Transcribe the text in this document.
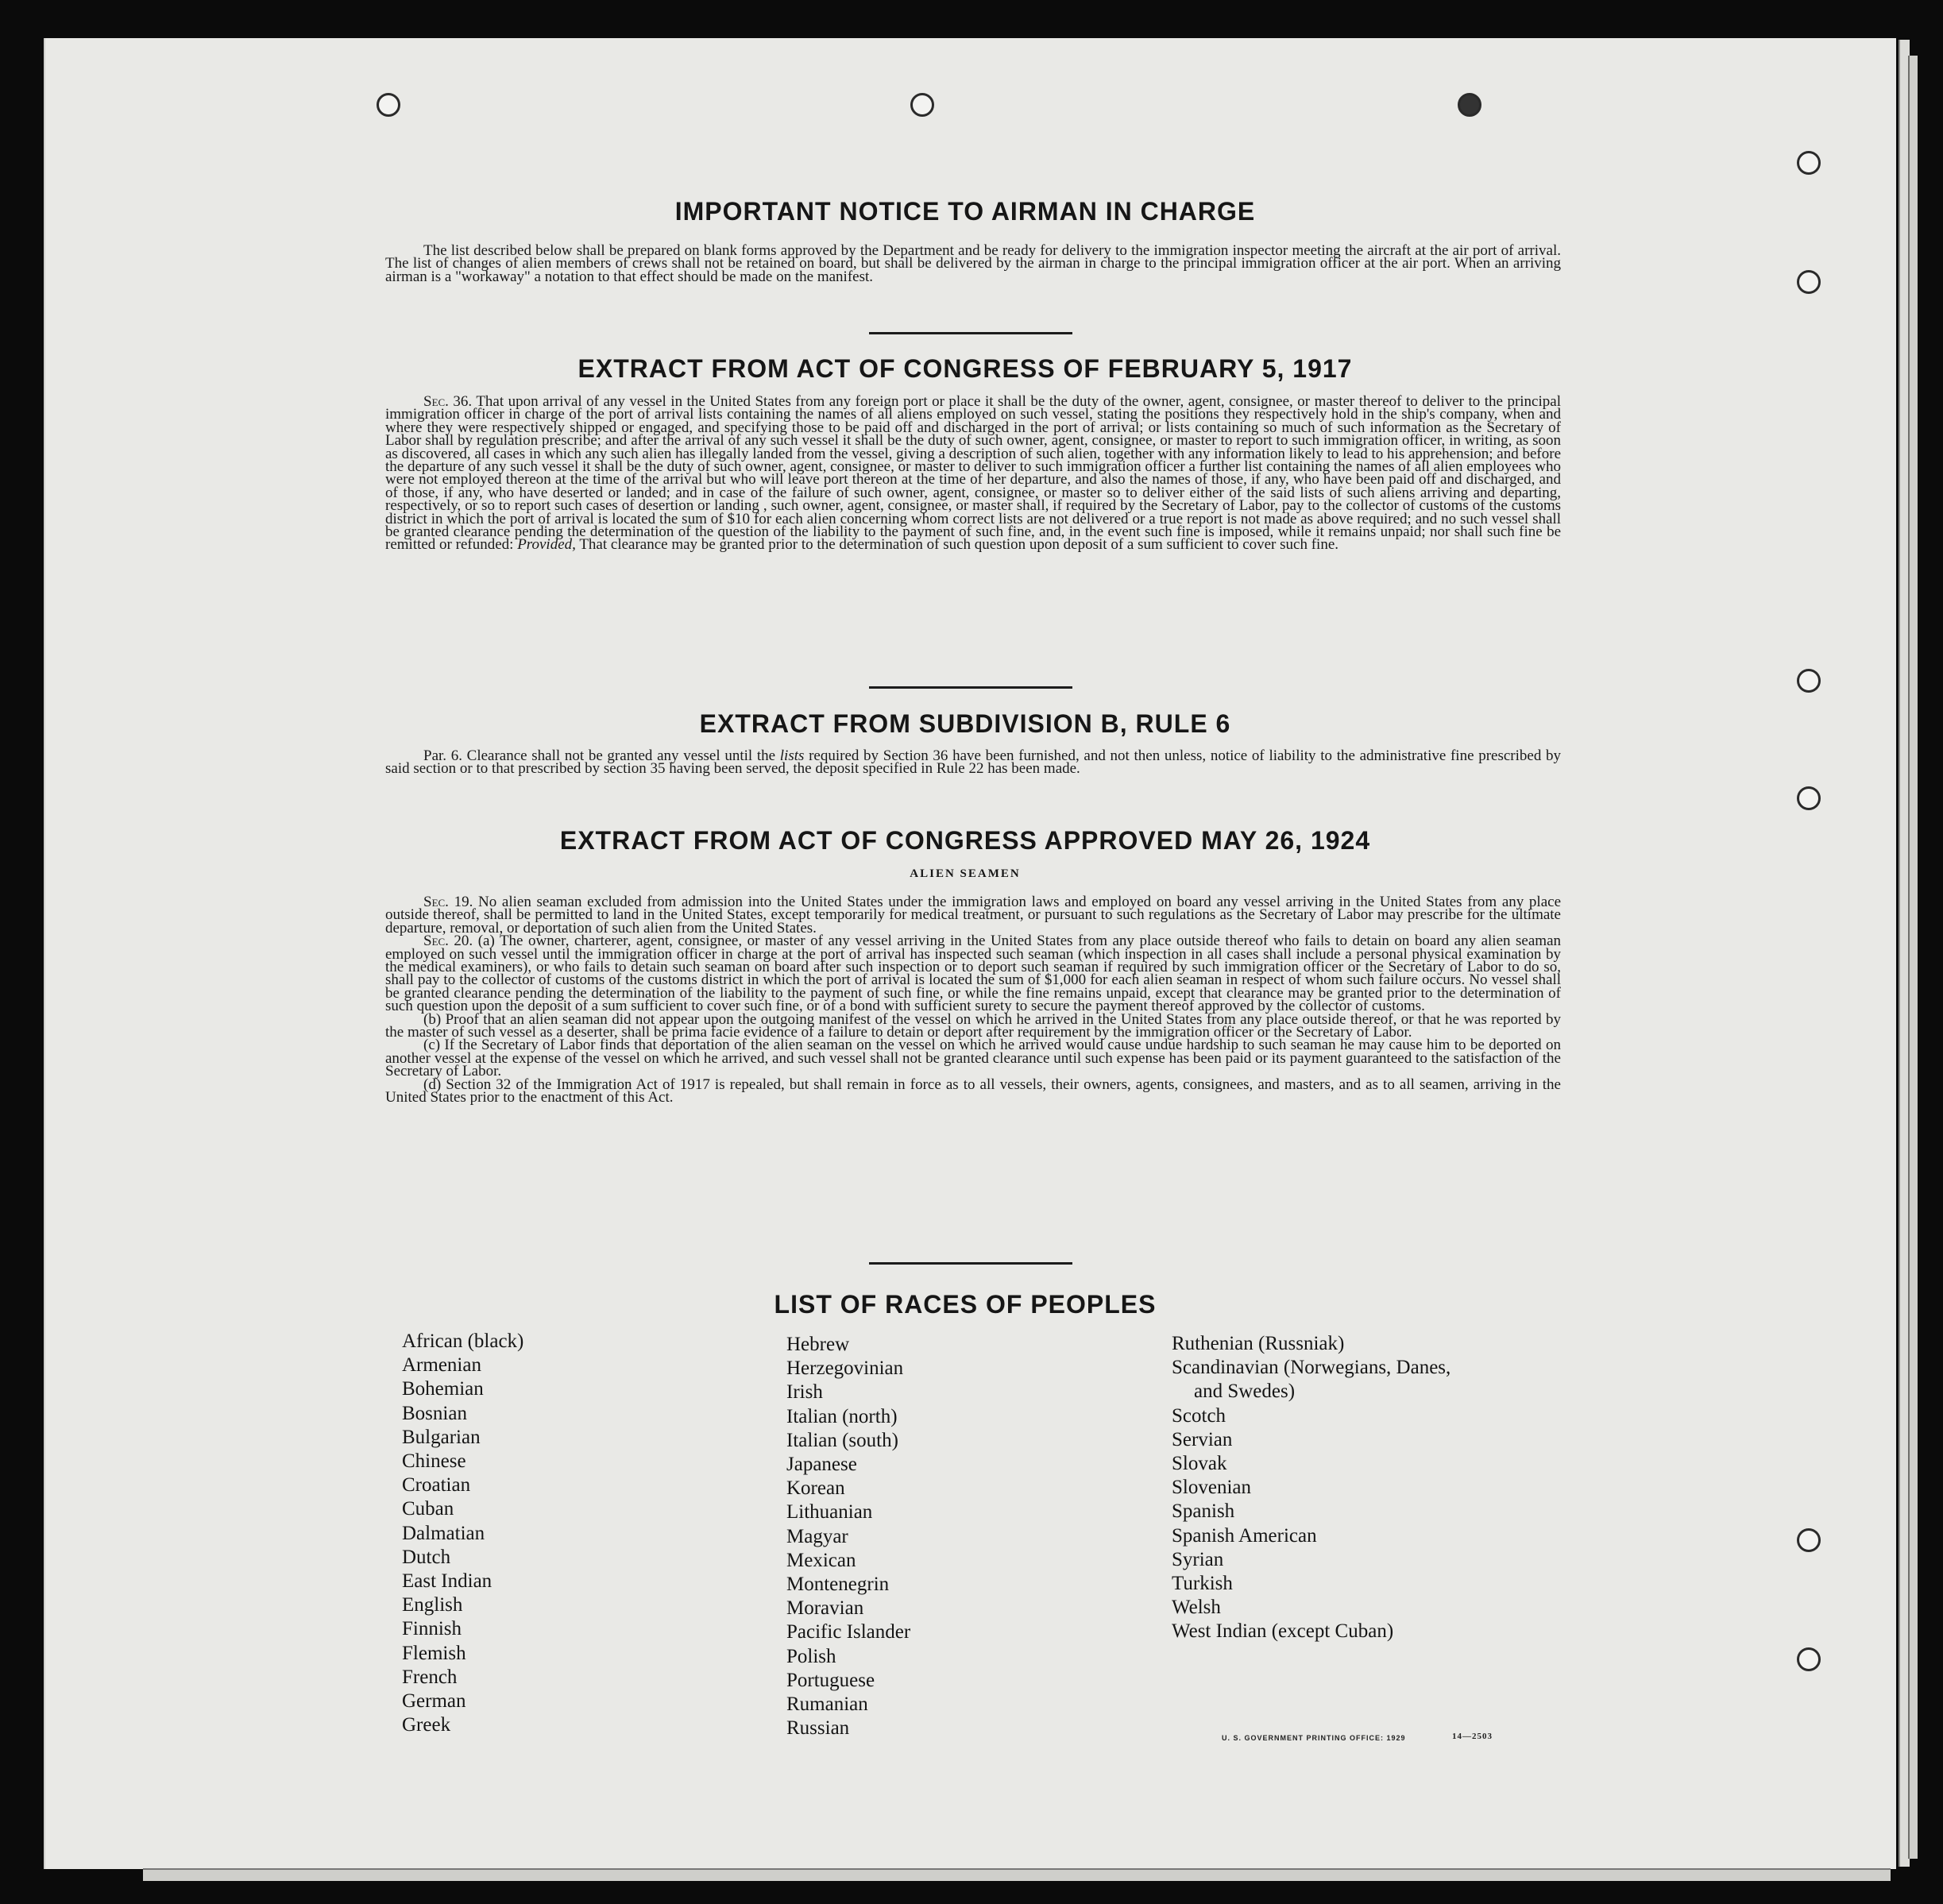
IMPORTANT NOTICE TO AIRMAN IN CHARGE

The list described below shall be prepared on blank forms approved by the Department and be ready for delivery to the immigration inspector meeting the aircraft at the air port of arrival. The list of changes of alien members of crews shall not be retained on board, but shall be delivered by the airman in charge to the principal immigration officer at the air port. When an arriving airman is a "workaway" a notation to that effect should be made on the manifest.

EXTRACT FROM ACT OF CONGRESS OF FEBRUARY 5, 1917

Sec. 36. That upon arrival of any vessel in the United States from any foreign port or place it shall be the duty of the owner, agent, consignee, or master thereof to deliver to the principal immigration officer in charge of the port of arrival lists containing the names of all aliens employed on such vessel, stating the positions they respectively hold in the ship's company, when and where they were respectively shipped or engaged, and specifying those to be paid off and discharged in the port of arrival; or lists containing so much of such information as the Secretary of Labor shall by regulation prescribe; and after the arrival of any such vessel it shall be the duty of such owner, agent, consignee, or master to report to such immigration officer, in writing, as soon as discovered, all cases in which any such alien has illegally landed from the vessel, giving a description of such alien, together with any information likely to lead to his apprehension; and before the departure of any such vessel it shall be the duty of such owner, agent, consignee, or master to deliver to such immigration officer a further list containing the names of all alien employees who were not employed thereon at the time of the arrival but who will leave port thereon at the time of her departure, and also the names of those, if any, who have been paid off and discharged, and of those, if any, who have deserted or landed; and in case of the failure of such owner, agent, consignee, or master so to deliver either of the said lists of such aliens arriving and departing, respectively, or so to report such cases of desertion or landing , such owner, agent, consignee, or master shall, if required by the Secretary of Labor, pay to the collector of customs of the customs district in which the port of arrival is located the sum of $10 for each alien concerning whom correct lists are not delivered or a true report is not made as above required; and no such vessel shall be granted clearance pending the determination of the question of the liability to the payment of such fine, and, in the event such fine is imposed, while it remains unpaid; nor shall such fine be remitted or refunded: Provided, That clearance may be granted prior to the determination of such question upon deposit of a sum sufficient to cover such fine.

EXTRACT FROM SUBDIVISION B, RULE 6

Par. 6. Clearance shall not be granted any vessel until the lists required by Section 36 have been furnished, and not then unless, notice of liability to the administrative fine prescribed by said section or to that prescribed by section 35 having been served, the deposit specified in Rule 22 has been made.

EXTRACT FROM ACT OF CONGRESS APPROVED MAY 26, 1924
ALIEN SEAMEN

Sec. 19. No alien seaman excluded from admission into the United States under the immigration laws and employed on board any vessel arriving in the United States from any place outside thereof, shall be permitted to land in the United States, except temporarily for medical treatment, or pursuant to such regulations as the Secretary of Labor may prescribe for the ultimate departure, removal, or deportation of such alien from the United States.

Sec. 20. (a) The owner, charterer, agent, consignee, or master of any vessel arriving in the United States from any place outside thereof who fails to detain on board any alien seaman employed on such vessel until the immigration officer in charge at the port of arrival has inspected such seaman (which inspection in all cases shall include a personal physical examination by the medical examiners), or who fails to detain such seaman on board after such inspection or to deport such seaman if required by such immigration officer or the Secretary of Labor to do so, shall pay to the collector of customs of the customs district in which the port of arrival is located the sum of $1,000 for each alien seaman in respect of whom such failure occurs. No vessel shall be granted clearance pending the determination of the liability to the payment of such fine, or while the fine remains unpaid, except that clearance may be granted prior to the determination of such question upon the deposit of a sum sufficient to cover such fine, or of a bond with sufficient surety to secure the payment thereof approved by the collector of customs.

(b) Proof that an alien seaman did not appear upon the outgoing manifest of the vessel on which he arrived in the United States from any place outside thereof, or that he was reported by the master of such vessel as a deserter, shall be prima facie evidence of a failure to detain or deport after requirement by the immigration officer or the Secretary of Labor.

(c) If the Secretary of Labor finds that deportation of the alien seaman on the vessel on which he arrived would cause undue hardship to such seaman he may cause him to be deported on another vessel at the expense of the vessel on which he arrived, and such vessel shall not be granted clearance until such expense has been paid or its payment guaranteed to the satisfaction of the Secretary of Labor.

(d) Section 32 of the Immigration Act of 1917 is repealed, but shall remain in force as to all vessels, their owners, agents, consignees, and masters, and as to all seamen, arriving in the United States prior to the enactment of this Act.

LIST OF RACES OF PEOPLES
African (black)
Armenian
Bohemian
Bosnian
Bulgarian
Chinese
Croatian
Cuban
Dalmatian
Dutch
East Indian
English
Finnish
Flemish
French
German
Greek
Hebrew
Herzegovinian
Irish
Italian (north)
Italian (south)
Japanese
Korean
Lithuanian
Magyar
Mexican
Montenegrin
Moravian
Pacific Islander
Polish
Portuguese
Rumanian
Russian
Ruthenian (Russniak)
Scandinavian (Norwegians, Danes,
and Swedes)
Scotch
Servian
Slovak
Slovenian
Spanish
Spanish American
Syrian
Turkish
Welsh
West Indian (except Cuban)
U. S. GOVERNMENT PRINTING OFFICE: 1929	14—2503
